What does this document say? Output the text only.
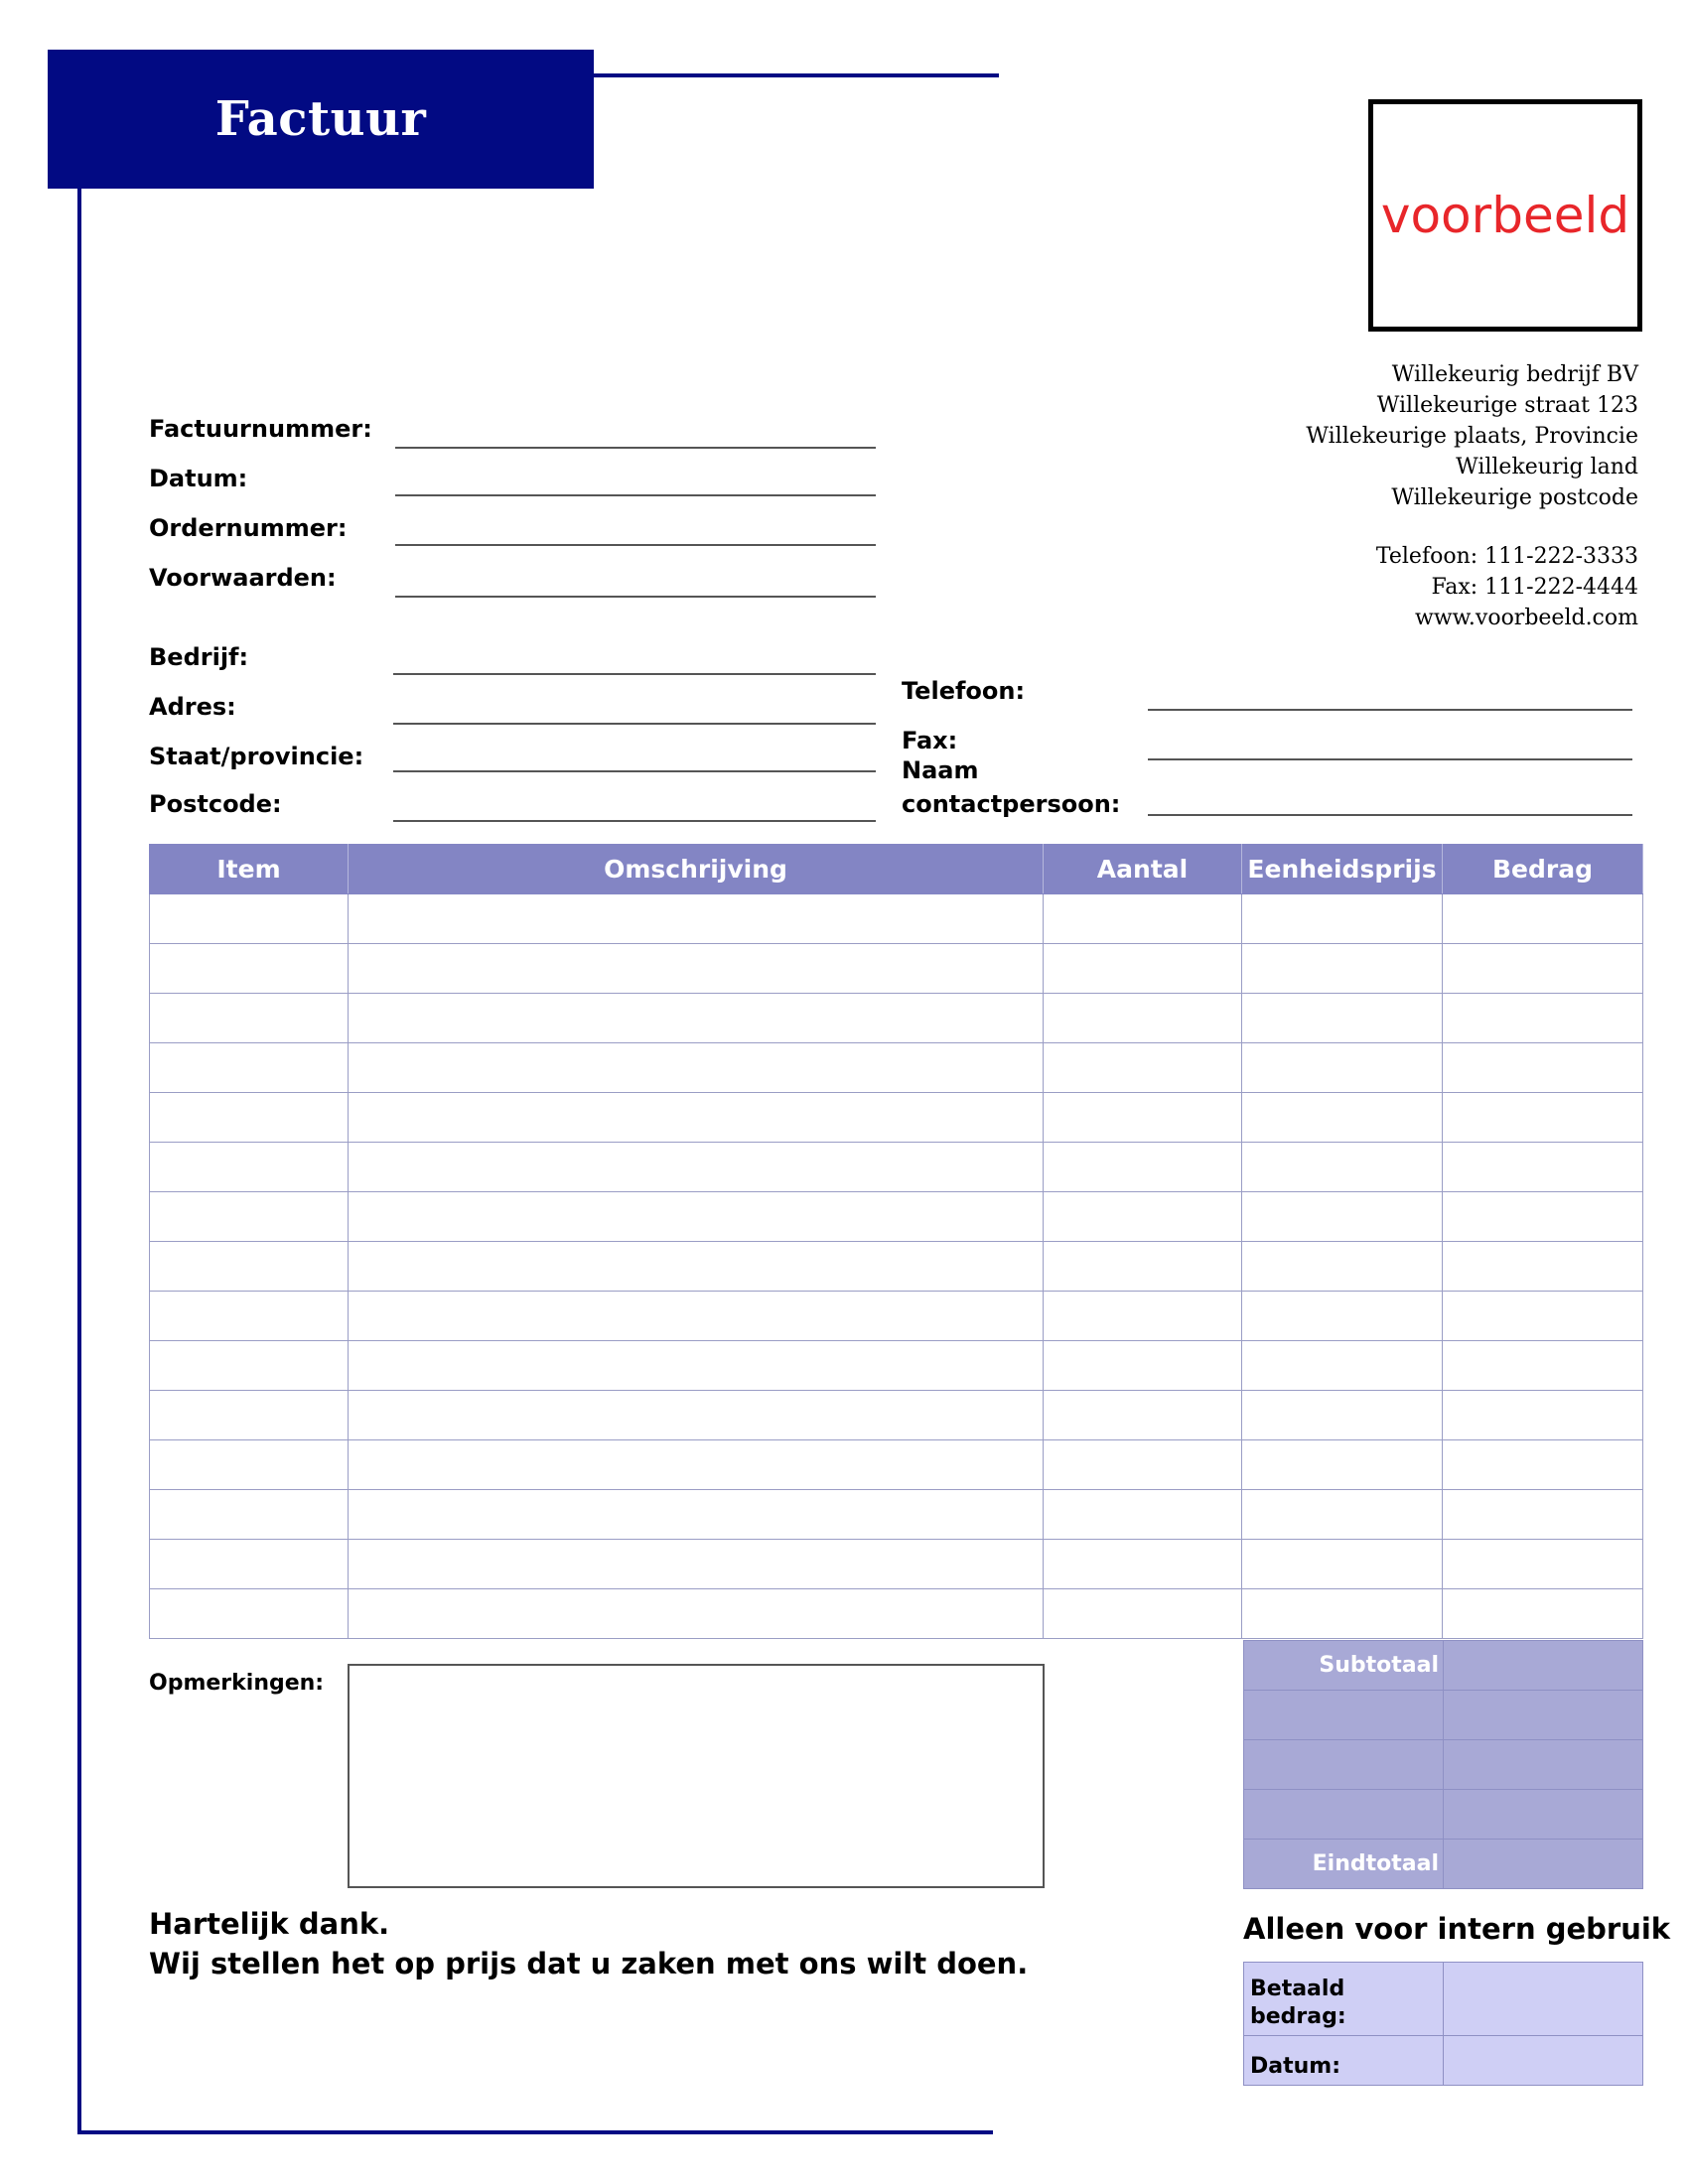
Factuur
voorbeeld
Willekeurig bedrijf BV
Willekeurige straat 123
Willekeurige plaats, Provincie
Willekeurig land
Willekeurige postcode
Telefoon: 111-222-3333
Fax: 111-222-4444
www.voorbeeld.com
Factuurnummer:
Datum:
Ordernummer:
Voorwaarden:
Bedrijf:
Adres:
Staat/provincie:
Postcode:
Telefoon:
Fax:
Naam
contactpersoon:
Item	Omschrijving	Aantal	Eenheidsprijs	Bedrag

Opmerkingen:
Subtotaal	

Eindtotaal	
Hartelijk dank.
Wij stellen het op prijs dat u zaken met ons wilt doen.
Alleen voor intern gebruik
Betaald
bedrag:	

Datum:	
